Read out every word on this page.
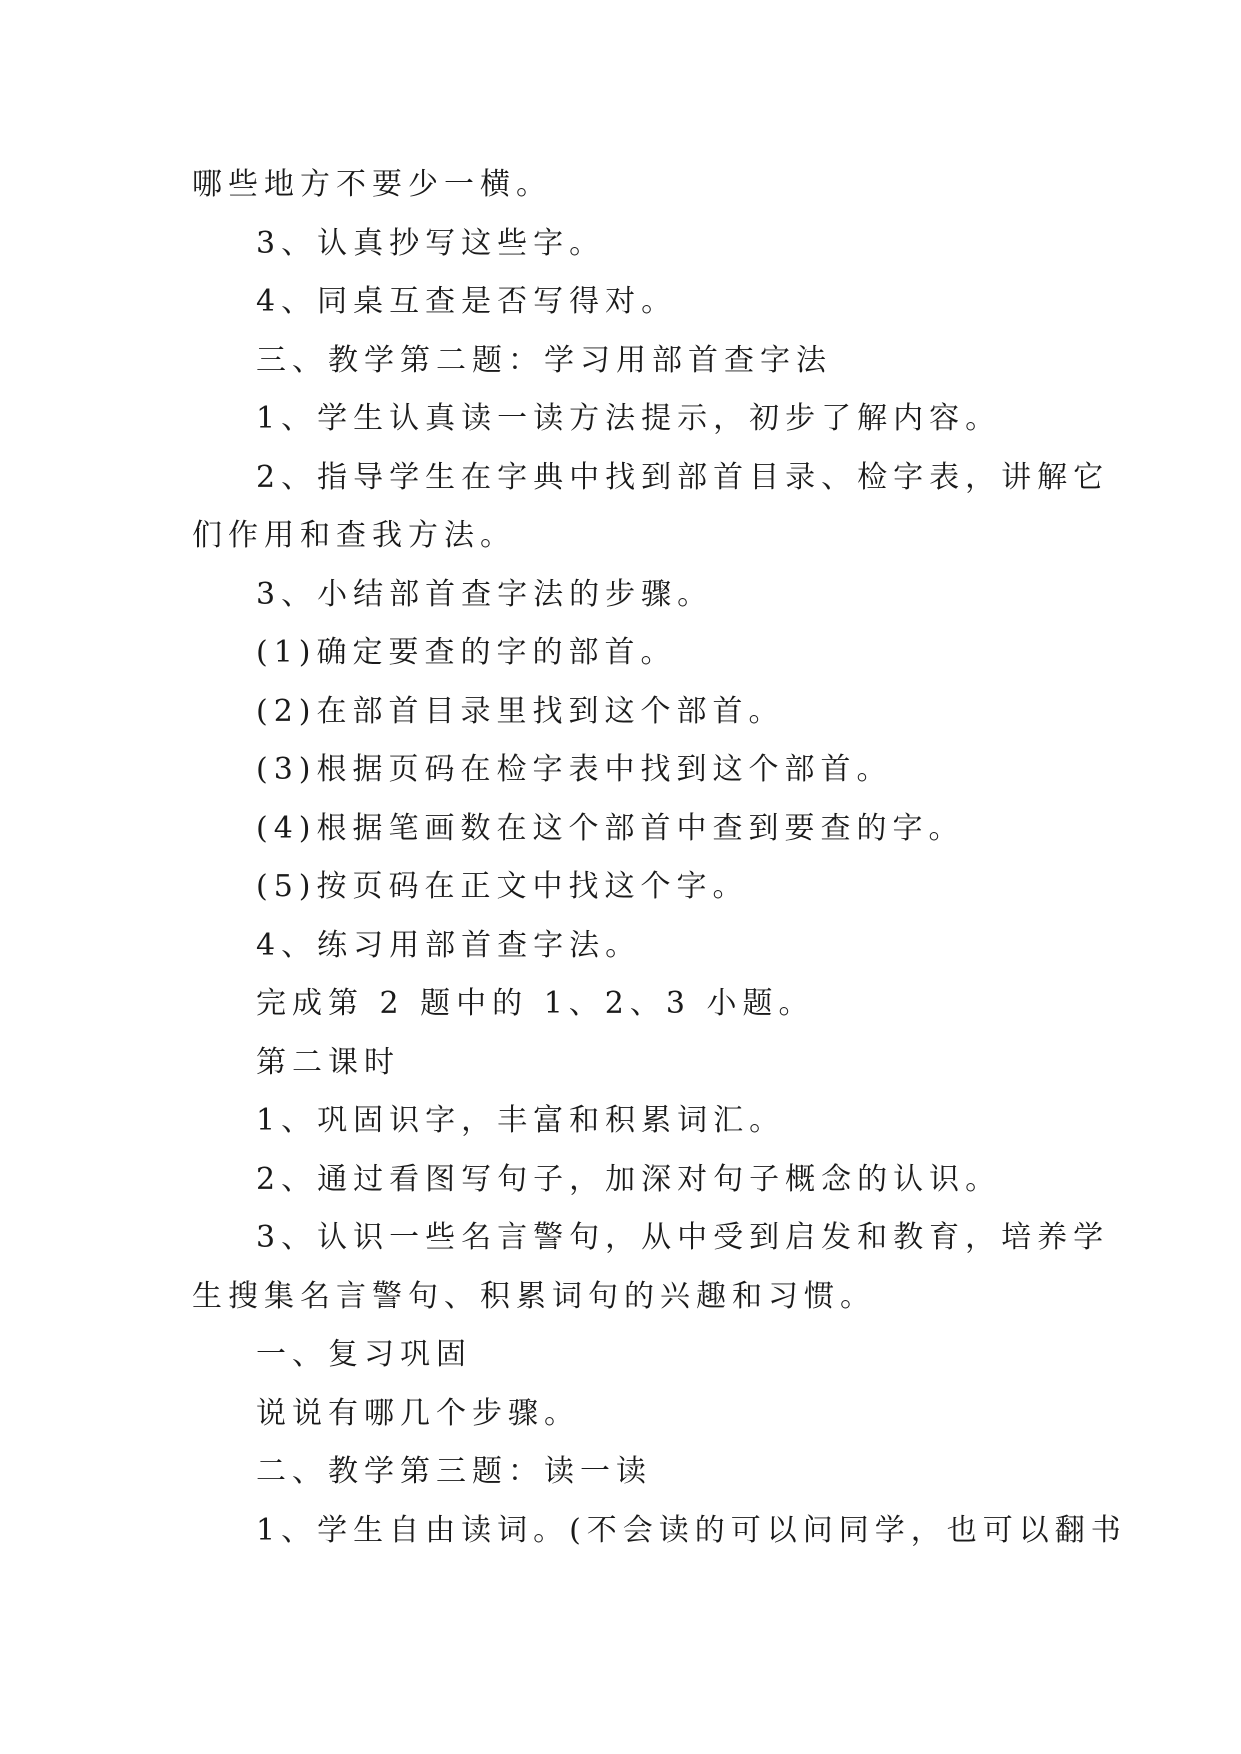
哪些地方不要少一横。

3、认真抄写这些字。

4、同桌互查是否写得对。

三、教学第二题：学习用部首查字法

1、学生认真读一读方法提示，初步了解内容。

2、指导学生在字典中找到部首目录、检字表，讲解它

们作用和查我方法。

3、小结部首查字法的步骤。

(1)确定要查的字的部首。

(2)在部首目录里找到这个部首。

(3)根据页码在检字表中找到这个部首。

(4)根据笔画数在这个部首中查到要查的字。

(5)按页码在正文中找这个字。

4、练习用部首查字法。

完成第 2 题中的 1、2、3 小题。

第二课时

1、巩固识字，丰富和积累词汇。

2、通过看图写句子，加深对句子概念的认识。

3、认识一些名言警句，从中受到启发和教育，培养学

生搜集名言警句、积累词句的兴趣和习惯。

一、复习巩固

说说有哪几个步骤。

二、教学第三题：读一读

1、学生自由读词。(不会读的可以问同学，也可以翻书
